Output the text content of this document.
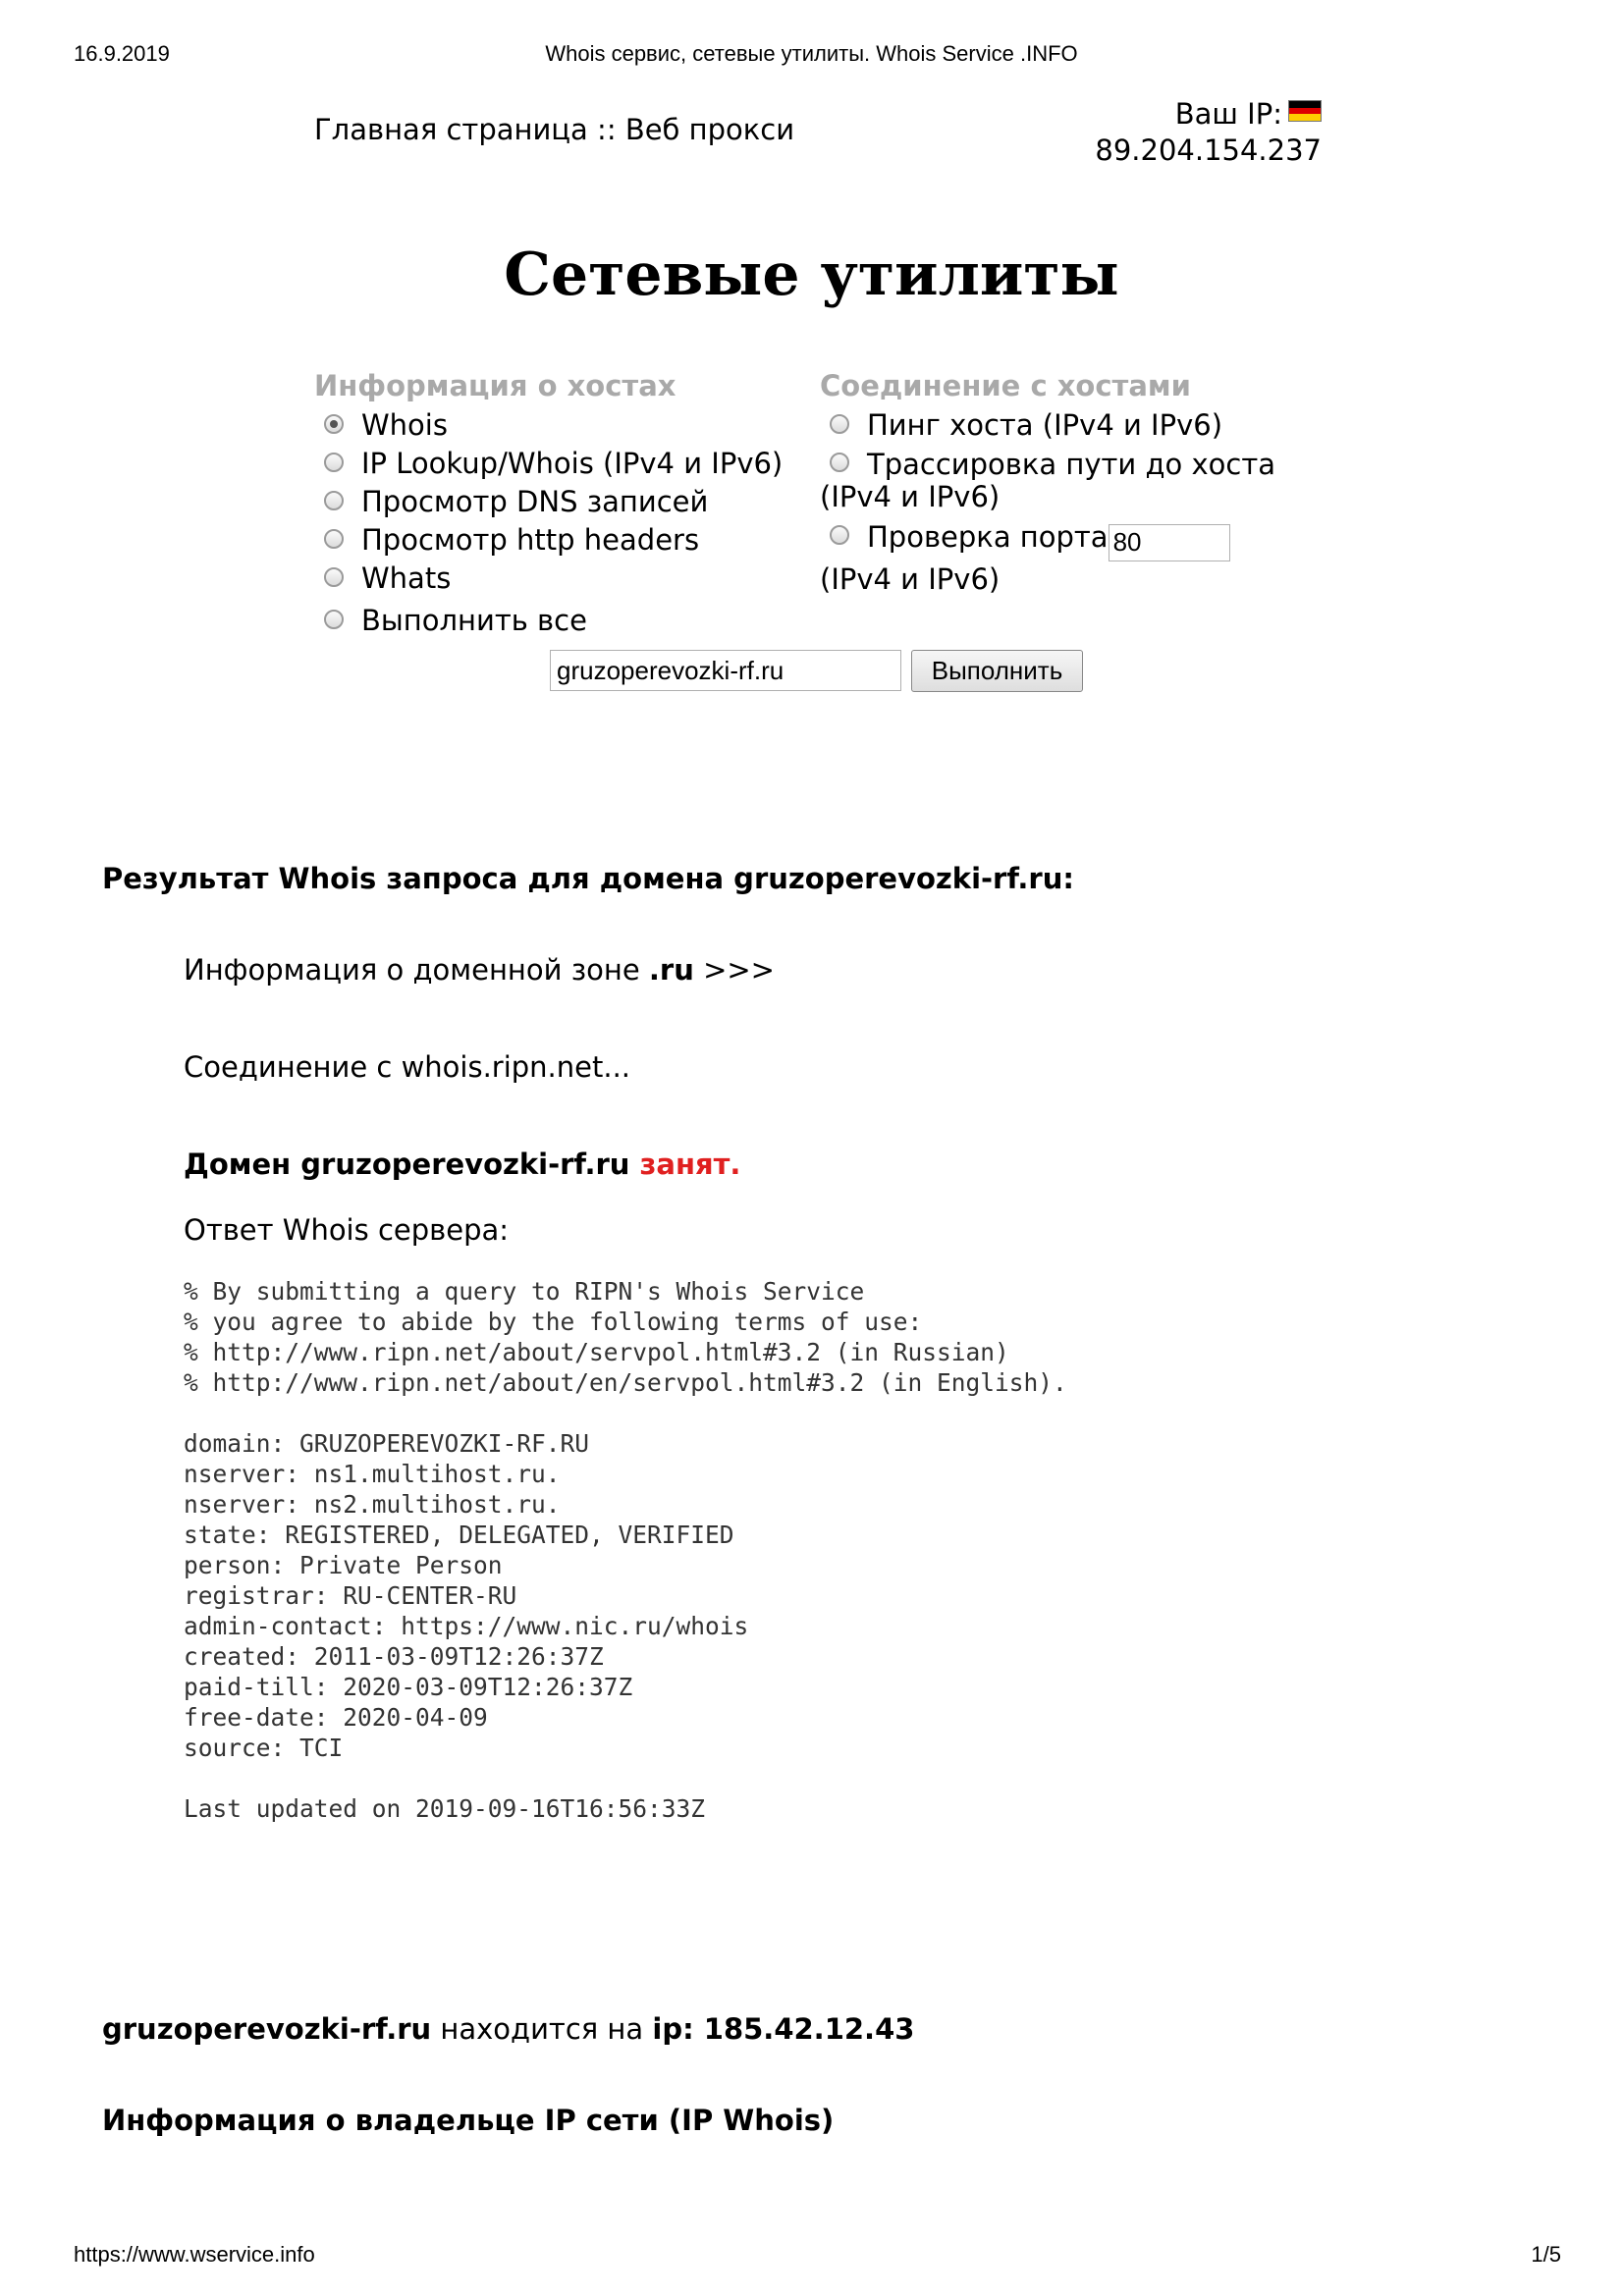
16.9.2019	Whois сервис, сетевые утилиты. Whois Service .INFO
Главная страница :: Веб прокси	Ваш IP:
89.204.154.237
Сетевые утилиты
Информация о хостах
Whois
IP Lookup/Whois (IPv4 и IPv6)
Просмотр DNS записей
Просмотр http headers
Whats
Выполнить все
Соединение с хостами
Пинг хоста (IPv4 и IPv6)
Трассировка пути до хоста (IPv4 и IPv6)
Проверка порта80(IPv4 и IPv6)
gruzoperevozki-rf.ru
Выполнить
Результат Whois запроса для домена gruzoperevozki-rf.ru:
Информация о доменной зоне .ru >>>
Соединение с whois.ripn.net...
Домен gruzoperevozki-rf.ru занят.
Ответ Whois сервера:
% By submitting a query to RIPN's Whois Service
% you agree to abide by the following terms of use:
% http://www.ripn.net/about/servpol.html#3.2 (in Russian)
% http://www.ripn.net/about/en/servpol.html#3.2 (in English).

domain: GRUZOPEREVOZKI-RF.RU
nserver: ns1.multihost.ru.
nserver: ns2.multihost.ru.
state: REGISTERED, DELEGATED, VERIFIED
person: Private Person
registrar: RU-CENTER-RU
admin-contact: https://www.nic.ru/whois
created: 2011-03-09T12:26:37Z
paid-till: 2020-03-09T12:26:37Z
free-date: 2020-04-09
source: TCI

Last updated on 2019-09-16T16:56:33Z

gruzoperevozki-rf.ru находится на ip: 185.42.12.43
Информация о владельце IP сети (IP Whois)
https://www.wservice.info	1/5
